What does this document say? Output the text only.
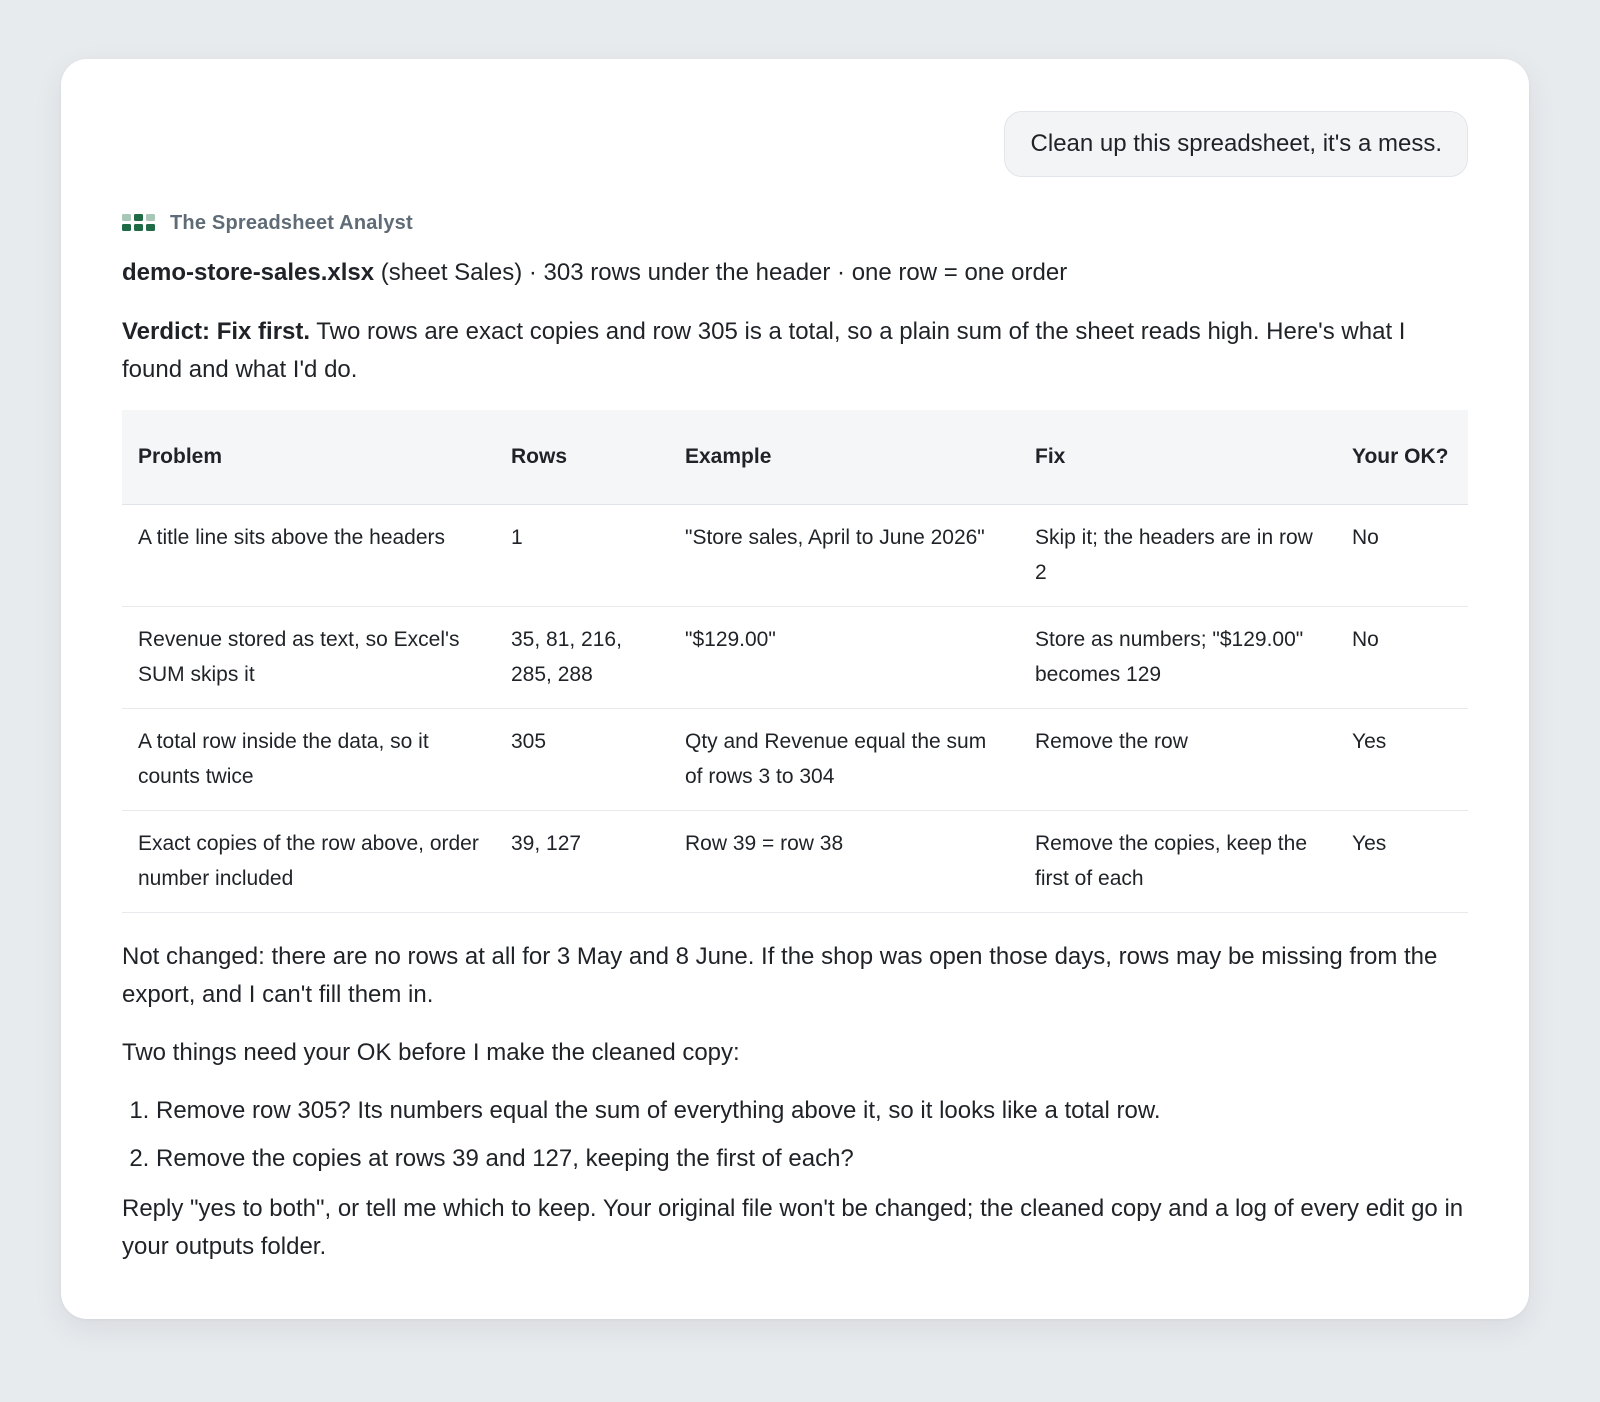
Clean up this spreadsheet, it's a mess.
The Spreadsheet Analyst
demo-store-sales.xlsx (sheet Sales) · 303 rows under the header · one row = one order
Verdict: Fix first. Two rows are exact copies and row 305 is a total, so a plain sum of the sheet reads high. Here's what I found and what I'd do.
Problem	Rows	Example	Fix	Your OK?
A title line sits above the headers	1	"Store sales, April to June 2026"	Skip it; the headers are in row 2	No
Revenue stored as text, so Excel's SUM skips it	35, 81, 216, 285, 288	"$129.00"	Store as numbers; "$129.00" becomes 129	No
A total row inside the data, so it counts twice	305	Qty and Revenue equal the sum of rows 3 to 304	Remove the row	Yes
Exact copies of the row above, order number included	39, 127	Row 39 = row 38	Remove the copies, keep the first of each	Yes
Not changed: there are no rows at all for 3 May and 8 June. If the shop was open those days, rows may be missing from the export, and I can't fill them in.
Two things need your OK before I make the cleaned copy:
1. Remove row 305? Its numbers equal the sum of everything above it, so it looks like a total row.
2. Remove the copies at rows 39 and 127, keeping the first of each?
Reply "yes to both", or tell me which to keep. Your original file won't be changed; the cleaned copy and a log of every edit go in your outputs folder.
